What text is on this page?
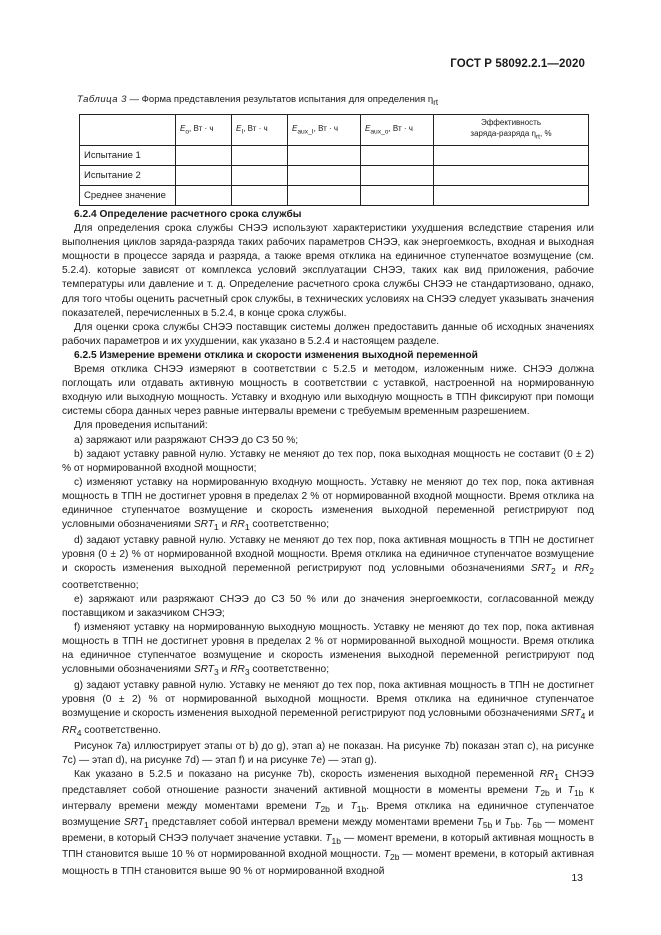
ГОСТ Р 58092.2.1—2020
Таблица 3 — Форма представления результатов испытания для определения $\eta_{rt}$
	$E_o$, Вт · ч	$E_I$, Вт · ч	$E_{aux\_I}$, Вт · ч	$E_{aux\_o}$, Вт · ч	Эффективность
заряда-разряда $\eta_{rt}$, %
Испытание 1					
Испытание 2					
Среднее значение					

6.2.4 Определение расчетного срока службы

Для определения срока службы СНЭЭ используют характеристики ухудшения вследствие старения или выполнения циклов заряда-разряда таких рабочих параметров СНЭЭ, как энергоемкость, входная и выходная мощности в процессе заряда и разряда, а также время отклика на единичное ступенчатое возмущение (см. 5.2.4). которые зависят от комплекса условий эксплуатации СНЭЭ, таких как вид приложения, рабочие температуры или давление и т. д. Определение расчетного срока службы СНЭЭ не стандартизовано, однако, для того чтобы оценить расчетный срок службы, в технических условиях на СНЭЭ следует указывать значения показателей, перечисленных в 5.2.4, в конце срока службы.

Для оценки срока службы СНЭЭ поставщик системы должен предоставить данные об исходных значениях рабочих параметров и их ухудшении, как указано в 5.2.4 и настоящем разделе.

6.2.5 Измерение времени отклика и скорости изменения выходной переменной

Время отклика СНЭЭ измеряют в соответствии с 5.2.5 и методом, изложенным ниже. СНЭЭ должна поглощать или отдавать активную мощность в соответствии с уставкой, настроенной на нормированную входную или выходную мощность. Уставку и входную или выходную мощность в ТПН фиксируют при помощи системы сбора данных через равные интервалы времени с требуемым временным разрешением.

Для проведения испытаний:

а) заряжают или разряжают СНЭЭ до СЗ 50 %;

b) задают уставку равной нулю. Уставку не меняют до тех пор, пока выходная мощность не составит (0 ± 2) % от нормированной входной мощности;

c) изменяют уставку на нормированную входную мощность. Уставку не меняют до тех пор, пока активная мощность в ТПН не достигнет уровня в пределах 2 % от нормированной входной мощности. Время отклика на единичное ступенчатое возмущение и скорость изменения выходной переменной регистрируют под условными обозначениями $SRT_1$ и $RR_1$ соответственно;

d) задают уставку равной нулю. Уставку не меняют до тех пор, пока активная мощность в ТПН не достигнет уровня (0 ± 2) % от нормированной входной мощности. Время отклика на единичное ступенчатое возмущение и скорость изменения выходной переменной регистрируют под условными обозначениями $SRT_2$ и $RR_2$ соответственно;

е) заряжают или разряжают СНЭЭ до СЗ 50 % или до значения энергоемкости, согласованной между поставщиком и заказчиком СНЭЭ;

f) изменяют уставку на нормированную выходную мощность. Уставку не меняют до тех пор, пока активная мощность в ТПН не достигнет уровня в пределах 2 % от нормированной выходной мощности. Время отклика на единичное ступенчатое возмущение и скорость изменения выходной переменной регистрируют под условными обозначениями $SRT_3$ и $RR_3$ соответственно;

g) задают уставку равной нулю. Уставку не меняют до тех пор, пока активная мощность в ТПН не достигнет уровня (0 ± 2) % от нормированной выходной мощности. Время отклика на единичное ступенчатое возмущение и скорость изменения выходной переменной регистрируют под условными обозначениями $SRT_4$ и $RR_4$ соответственно.

Рисунок 7а) иллюстрирует этапы от b) до g), этап а) не показан. На рисунке 7b) показан этап с), на рисунке 7с) — этап d), на рисунке 7d) — этап f) и на рисунке 7е) — этап g).

Как указано в 5.2.5 и показано на рисунке 7b), скорость изменения выходной переменной $RR_1$ СНЭЭ представляет собой отношение разности значений активной мощности в моменты времени $T_{2b}$ и $T_{1b}$ к интервалу времени между моментами времени $T_{2b}$ и $T_{1b}$. Время отклика на единичное ступенчатое возмущение $SRT_1$ представляет собой интервал времени между моментами времени $T_{5b}$ и $T_{bb}$. $T_{6b}$ — момент времени, в который СНЭЭ получает значение уставки. $T_{1b}$ — момент времени, в который активная мощность в ТПН становится выше 10 % от нормированной входной мощности. $T_{2b}$ — момент времени, в который активная мощность в ТПН становится выше 90 % от нормированной входной

13
